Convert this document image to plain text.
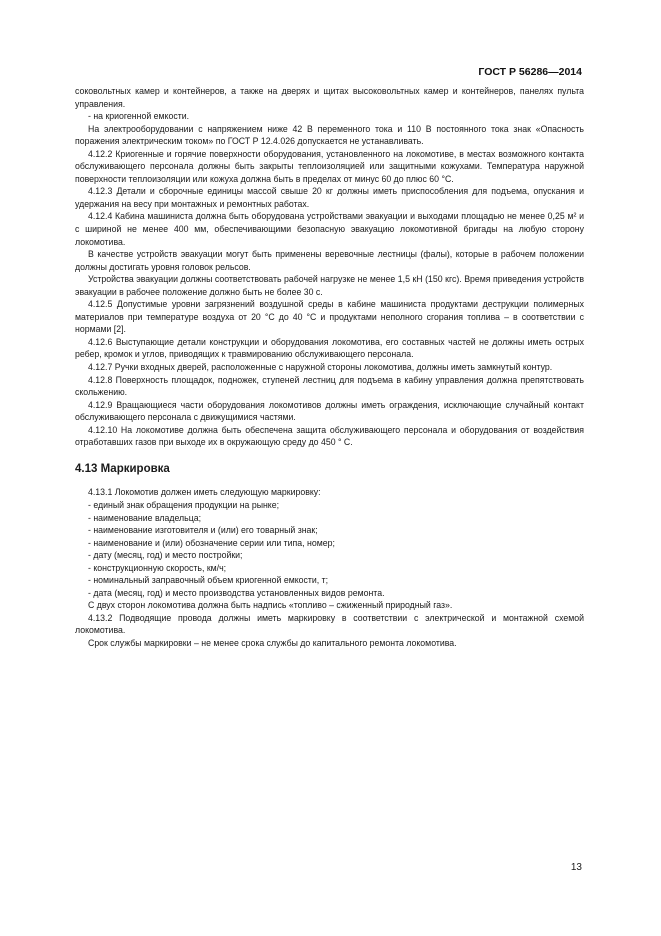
ГОСТ Р 56286—2014

соковольтных камер и контейнеров, а также на дверях и щитах высоковольтных камер и контейнеров, панелях пульта управления.

- на криогенной емкости.

На электрооборудовании с напряжением ниже 42 В переменного тока и 110 В постоянного тока знак «Опасность поражения электрическим током» по ГОСТ Р 12.4.026 допускается не устанавливать.

4.12.2 Криогенные и горячие поверхности оборудования, установленного на локомотиве, в местах возможного контакта обслуживающего персонала должны быть закрыты теплоизоляцией или защитными кожухами. Температура наружной поверхности теплоизоляции или кожуха должна быть в пределах от минус 60 до плюс 60 °C.

4.12.3 Детали и сборочные единицы массой свыше 20 кг должны иметь приспособления для подъема, опускания и удержания на весу при монтажных и ремонтных работах.

4.12.4 Кабина машиниста должна быть оборудована устройствами эвакуации и выходами площадью не менее 0,25 м² и с шириной не менее 400 мм, обеспечивающими безопасную эвакуацию локомотивной бригады на любую сторону локомотива.

В качестве устройств эвакуации могут быть применены веревочные лестницы (фалы), которые в рабочем положении должны достигать уровня головок рельсов.

Устройства эвакуации должны соответствовать рабочей нагрузке не менее 1,5 кН (150 кгс). Время приведения устройств эвакуации в рабочее положение должно быть не более 30 с.

4.12.5 Допустимые уровни загрязнений воздушной среды в кабине машиниста продуктами деструкции полимерных материалов при температуре воздуха от 20 °C до 40 °C и продуктами неполного сгорания топлива – в соответствии с нормами [2].

4.12.6 Выступающие детали конструкции и оборудования локомотива, его составных частей не должны иметь острых ребер, кромок и углов, приводящих к травмированию обслуживающего персонала.

4.12.7 Ручки входных дверей, расположенные с наружной стороны локомотива, должны иметь замкнутый контур.

4.12.8 Поверхность площадок, подножек, ступеней лестниц для подъема в кабину управления должна препятствовать скольжению.

4.12.9 Вращающиеся части оборудования локомотивов должны иметь ограждения, исключающие случайный контакт обслуживающего персонала с движущимися частями.

4.12.10 На локомотиве должна быть обеспечена защита обслуживающего персонала и оборудования от воздействия отработавших газов при выходе их в окружающую среду до 450 ° C.

4.13 Маркировка

4.13.1 Локомотив должен иметь следующую маркировку:

- единый знак обращения продукции на рынке;

- наименование владельца;

- наименование изготовителя и (или) его товарный знак;

- наименование и (или) обозначение серии или типа, номер;

- дату (месяц, год) и место постройки;

- конструкционную скорость, км/ч;

- номинальный заправочный объем криогенной емкости, т;

- дата (месяц, год) и место производства установленных видов ремонта.

С двух сторон локомотива должна быть надпись «топливо – сжиженный природный газ».

4.13.2 Подводящие провода должны иметь маркировку в соответствии с электрической и монтажной схемой локомотива.

Срок службы маркировки – не менее срока службы до капитального ремонта локомотива.

13
